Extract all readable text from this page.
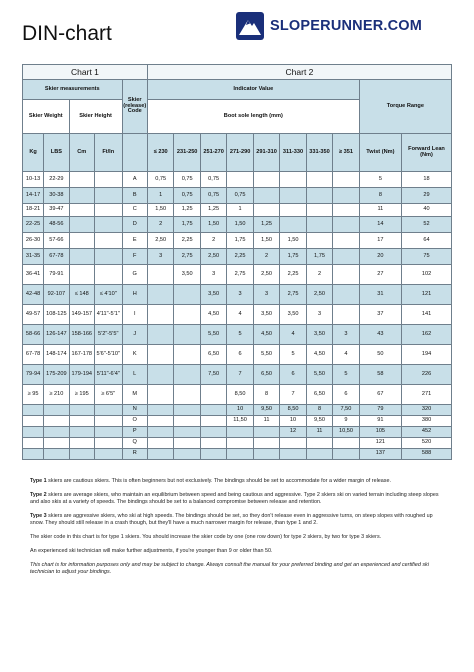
DIN-chart	SLOPERUNNER.COM
Chart 1					Chart 2									
Skier measurements				Skier (release) Code	Indicator Value								Torque Range	
Skier Weight		Skier Height			Boot sole length (mm)									

Kg	LBS	Cm	Ft/In		≤ 230	231-250	251-270	271-290	291-310	311-330	331-350	≥ 351	Twist (Nm)	Forward Lean (Nm)
10-13	22-29			A	0,75	0,75	0,75						5	18
14-17	30-38			B	1	0,75	0,75	0,75					8	29
18-21	39-47			C	1,50	1,25	1,25	1					11	40
22-25	48-56			D	2	1,75	1,50	1,50	1,25				14	52
26-30	57-66			E	2,50	2,25	2	1,75	1,50	1,50			17	64
31-35	67-78			F	3	2,75	2,50	2,25	2	1,75	1,75		20	75
36-41	79-91			G		3,50	3	2,75	2,50	2,25	2		27	102
42-48	92-107	≤ 148	≤ 4'10"	H			3,50	3	3	2,75	2,50		31	121
49-57	108-125	149-157	4'11"-5'1"	I			4,50	4	3,50	3,50	3		37	141
58-66	126-147	158-166	5'2"-5'5"	J			5,50	5	4,50	4	3,50	3	43	162
67-78	148-174	167-178	5'6"-5'10"	K			6,50	6	5,50	5	4,50	4	50	194
79-94	175-209	179-194	5'11"-6'4"	L			7,50	7	6,50	6	5,50	5	58	226
≥ 95	≥ 210	≥ 195	≥ 6'5"	M				8,50	8	7	6,50	6	67	271
				N				10	9,50	8,50	8	7,50	79	320
				O				11,50	11	10	9,50	9	91	380
				P						12	11	10,50	105	452
				Q									121	520
				R									137	588

Type 1 skiers are cautious skiers. This is often beginners but not exclusively. The bindings should be set to accommodate for a wider margin of release.

Type 2 skiers are average skiers, who maintain an equilibrium between speed and being cautious and aggressive. Type 2 skiers ski on varied terrain including steep slopes and also skis at a variety of speeds. The bindings should be set to a balanced compromise between release and retention.

Type 3 skiers are aggressive skiers, who ski at high speeds. The bindings should be set, so they don't release even in aggressive turns, on steep slopes with roughed up snow. They should still release in a crash though, but they'll have a much narrower margin for release, than type 1 and 2.

The skier code in this chart is for type 1 skiers. You should increase the skier code by one (one row down) for type 2 skiers, by two for type 3 skiers.

An experienced ski technician will make further adjustments, if you're younger than 9 or older than 50.

This chart is for information purposes only and may be subject to change. Always consult the manual for your preferred binding and get an experienced and certified ski technician to adjust your bindings.
